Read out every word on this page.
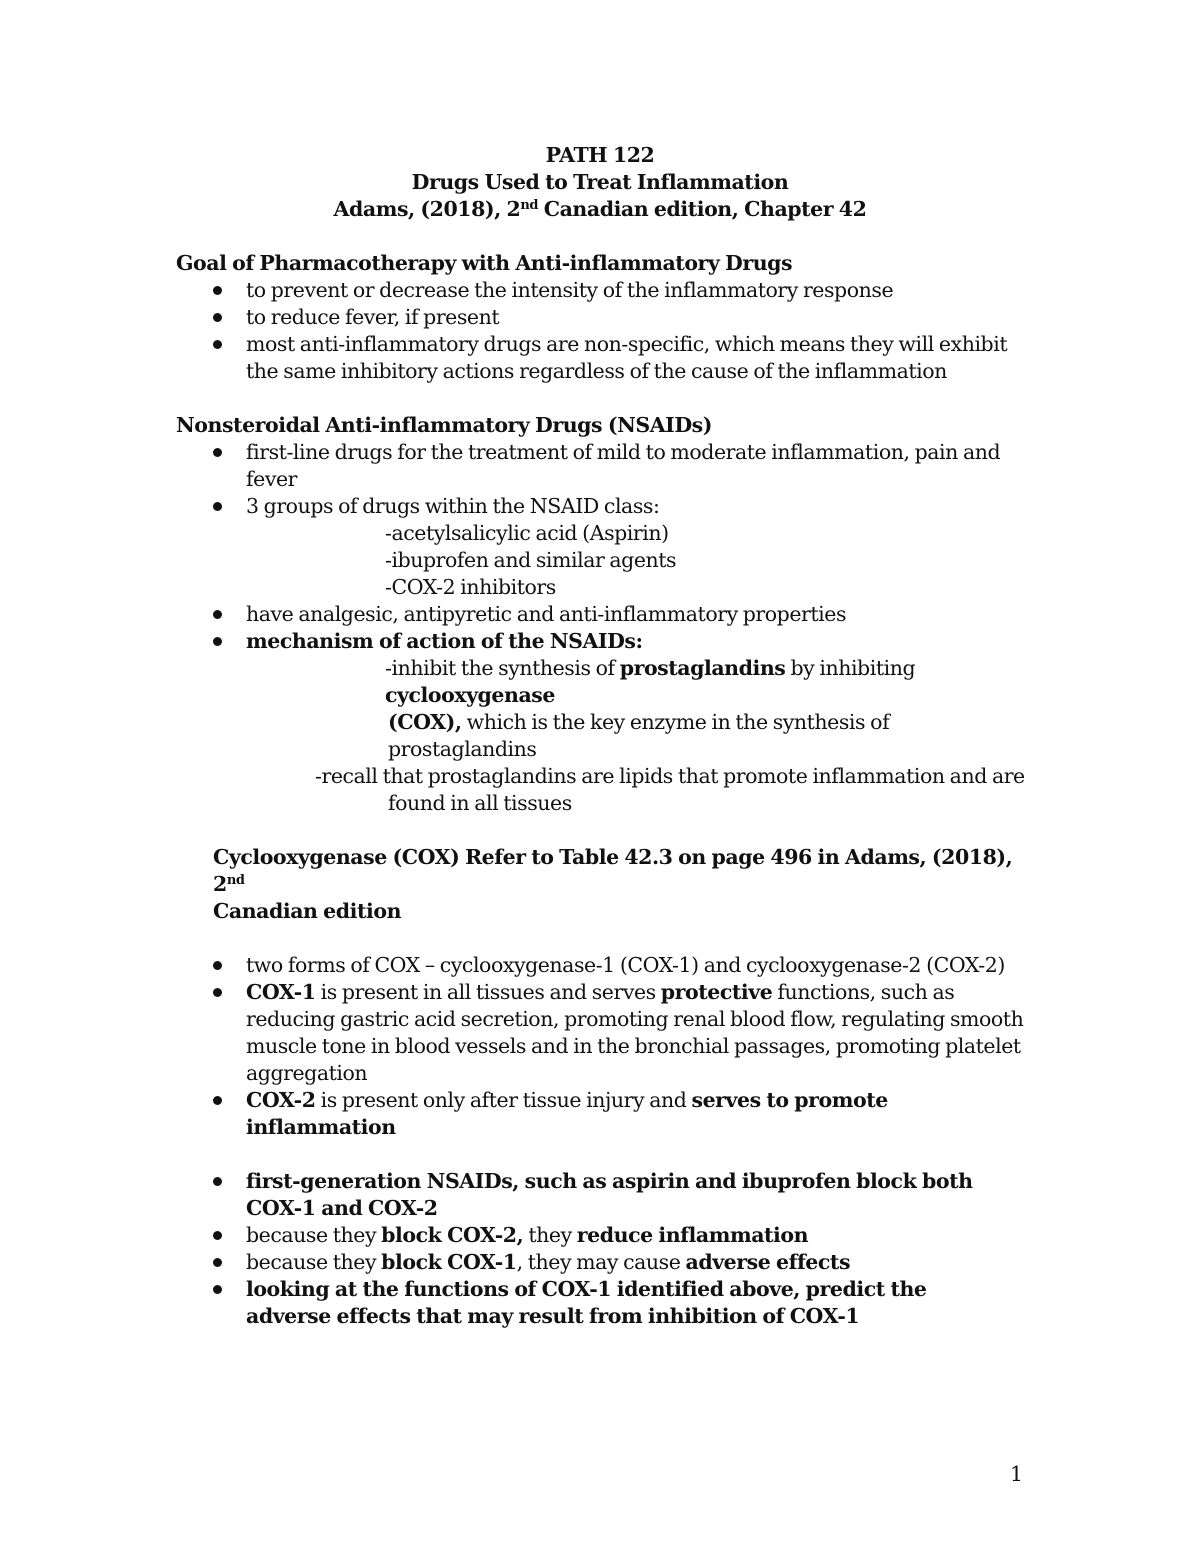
PATH 122
Drugs Used to Treat Inflammation
Adams, (2018), 2nd Canadian edition, Chapter 42
Goal of Pharmacotherapy with Anti-inflammatory Drugs
to prevent or decrease the intensity of the inflammatory response
to reduce fever, if present
most anti-inflammatory drugs are non-specific, which means they will exhibit the same inhibitory actions regardless of the cause of the inflammation
Nonsteroidal Anti-inflammatory Drugs (NSAIDs)
first-line drugs for the treatment of mild to moderate inflammation, pain and fever
3 groups of drugs within the NSAID class:
-acetylsalicylic acid (Aspirin)
-ibuprofen and similar agents
-COX-2 inhibitors
have analgesic, antipyretic and anti-inflammatory properties
mechanism of action of the NSAIDs:
-inhibit the synthesis of prostaglandins by inhibiting cyclooxygenase
(COX), which is the key enzyme in the synthesis of prostaglandins
-recall that prostaglandins are lipids that promote inflammation and are
found in all tissues
Cyclooxygenase (COX) Refer to Table 42.3 on page 496 in Adams, (2018), 2nd
Canadian edition
two forms of COX – cyclooxygenase-1 (COX-1) and cyclooxygenase-2 (COX-2)
COX-1 is present in all tissues and serves protective functions, such as reducing gastric acid secretion, promoting renal blood flow, regulating smooth muscle tone in blood vessels and in the bronchial passages, promoting platelet aggregation
COX-2 is present only after tissue injury and serves to promote inflammation
first-generation NSAIDs, such as aspirin and ibuprofen block both COX-1 and COX-2
because they block COX-2, they reduce inflammation
because they block COX-1, they may cause adverse effects
looking at the functions of COX-1 identified above, predict the adverse effects that may result from inhibition of COX-1
1
